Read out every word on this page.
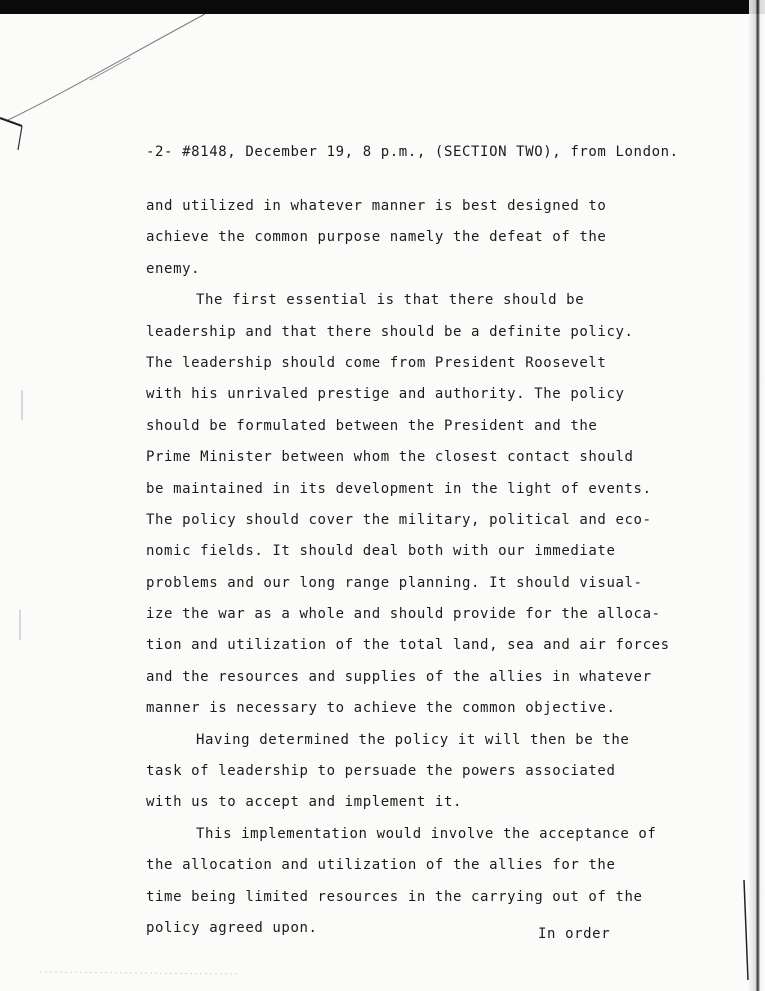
-2- #8148, December 19, 8 p.m., (SECTION TWO), from London.
and utilized in whatever manner is best designed to
achieve the common purpose namely the defeat of the
enemy.
The first essential is that there should be
leadership and that there should be a definite policy.
The leadership should come from President Roosevelt
with his unrivaled prestige and authority. The policy
should be formulated between the President and the
Prime Minister between whom the closest contact should
be maintained in its development in the light of events.
The policy should cover the military, political and eco-
nomic fields. It should deal both with our immediate
problems and our long range planning. It should visual-
ize the war as a whole and should provide for the alloca-
tion and utilization of the total land, sea and air forces
and the resources and supplies of the allies in whatever
manner is necessary to achieve the common objective.
Having determined the policy it will then be the
task of leadership to persuade the powers associated
with us to accept and implement it.
This implementation would involve the acceptance of
the allocation and utilization of the allies for the
time being limited resources in the carrying out of the
policy agreed upon.	In order
